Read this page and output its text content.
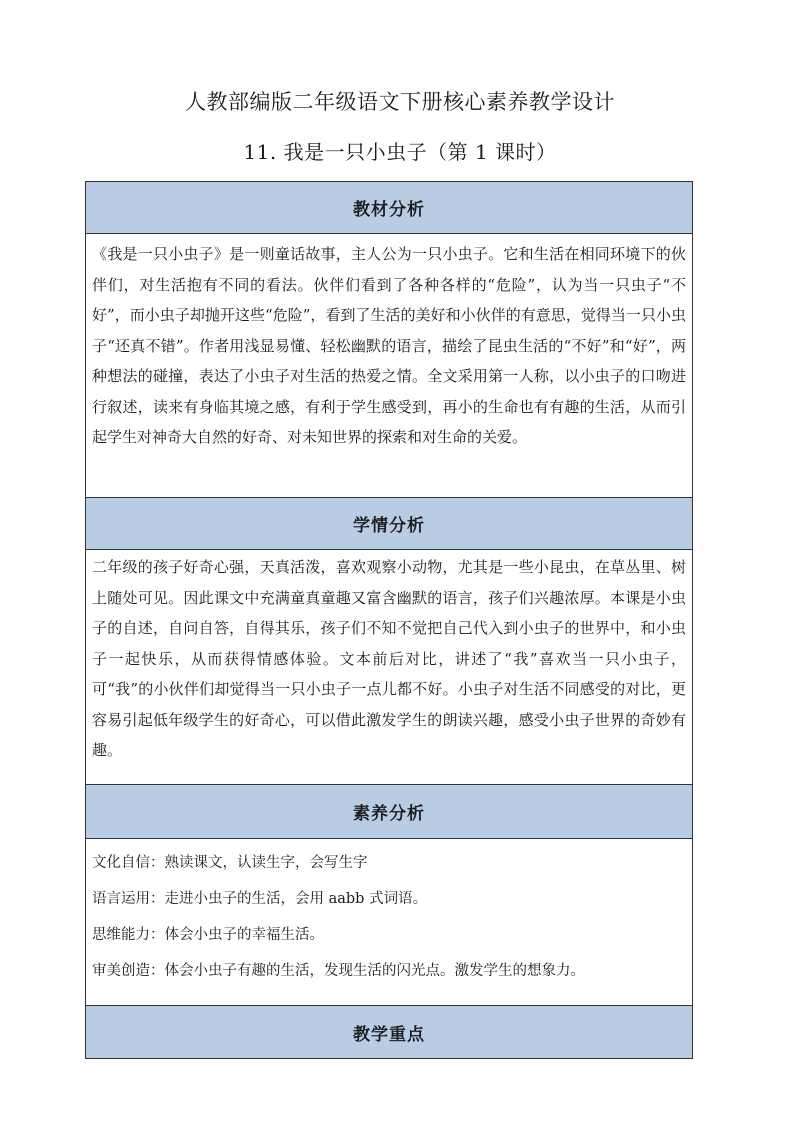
人教部编版二年级语文下册核心素养教学设计
11. 我是一只小虫子（第 1 课时）
教材分析
《我是一只小虫子》是一则童话故事，主人公为一只小虫子。它和生活在相同环境下的伙伴们，对生活抱有不同的看法。伙伴们看到了各种各样的“危险”，认为当一只虫子“不好”，而小虫子却抛开这些“危险”，看到了生活的美好和小伙伴的有意思，觉得当一只小虫子“还真不错”。作者用浅显易懂、轻松幽默的语言，描绘了昆虫生活的“不好”和“好”，两种想法的碰撞，表达了小虫子对生活的热爱之情。全文采用第一人称，以小虫子的口吻进行叙述，读来有身临其境之感，有利于学生感受到，再小的生命也有有趣的生活，从而引起学生对神奇大自然的好奇、对未知世界的探索和对生命的关爱。
学情分析
二年级的孩子好奇心强，天真活泼，喜欢观察小动物，尤其是一些小昆虫，在草丛里、树上随处可见。因此课文中充满童真童趣又富含幽默的语言，孩子们兴趣浓厚。本课是小虫子的自述，自问自答，自得其乐，孩子们不知不觉把自己代入到小虫子的世界中，和小虫子一起快乐，从而获得情感体验。文本前后对比，讲述了“我”喜欢当一只小虫子，可“我”的小伙伴们却觉得当一只小虫子一点儿都不好。小虫子对生活不同感受的对比，更容易引起低年级学生的好奇心，可以借此激发学生的朗读兴趣，感受小虫子世界的奇妙有趣。
素养分析
文化自信：熟读课文，认读生字，会写生字
语言运用：走进小虫子的生活，会用 aabb 式词语。
思维能力：体会小虫子的幸福生活。
审美创造：体会小虫子有趣的生活，发现生活的闪光点。激发学生的想象力。
教学重点
